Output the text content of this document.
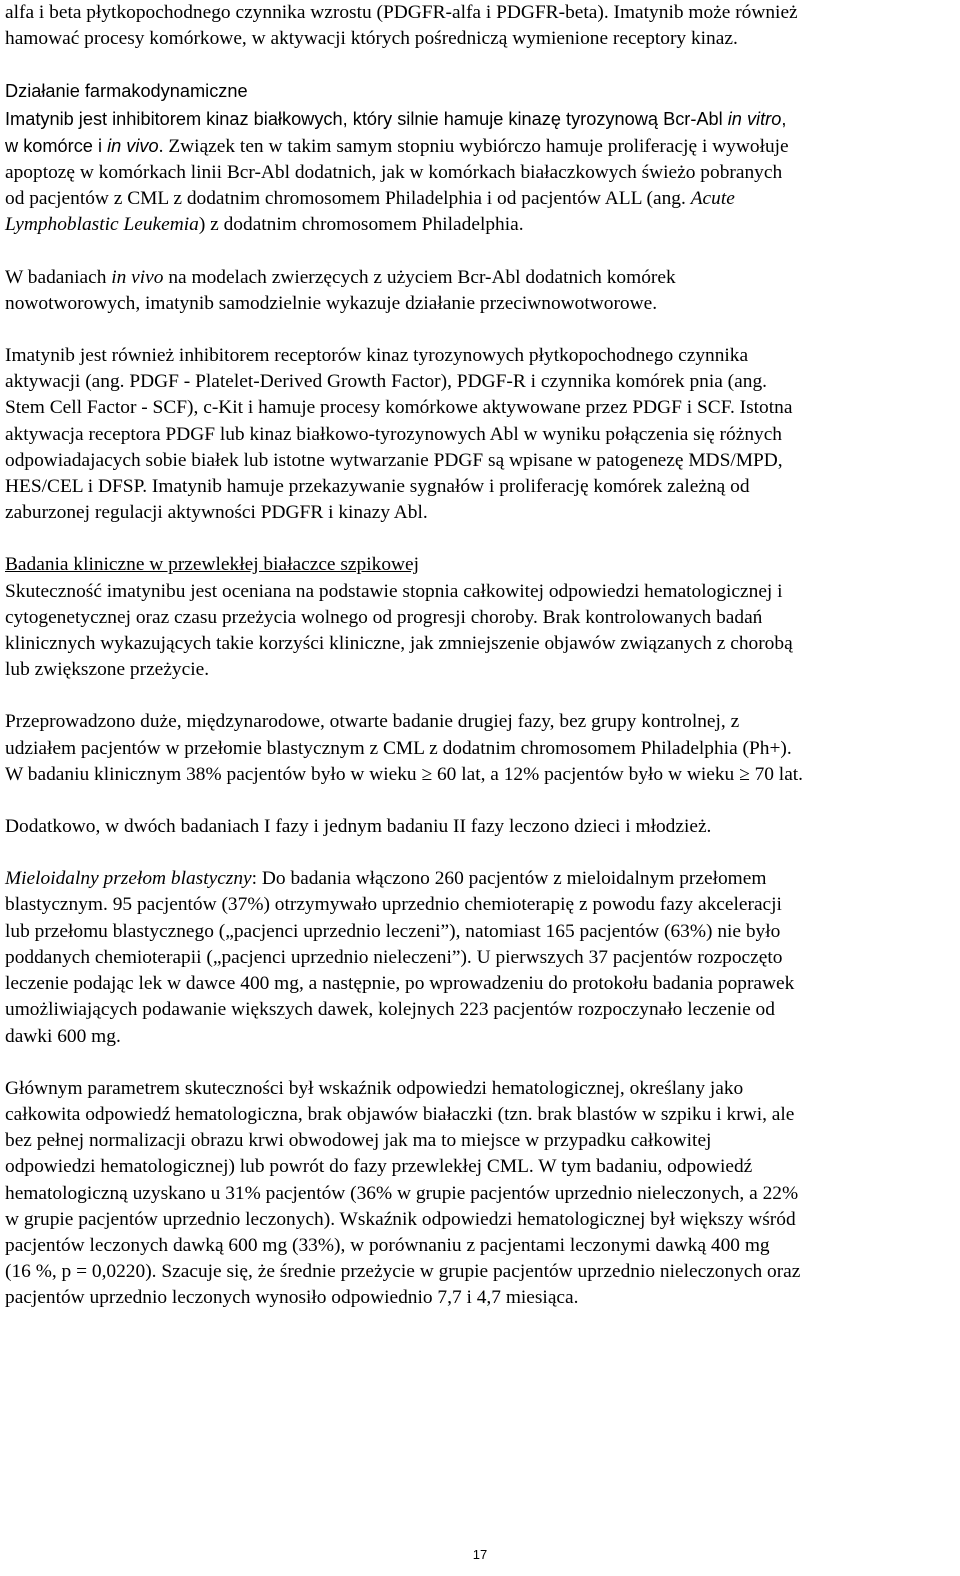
alfa i beta płytkopochodnego czynnika wzrostu (PDGFR-alfa i PDGFR-beta). Imatynib może również
hamować procesy komórkowe, w aktywacji których pośredniczą wymienione receptory kinaz.

Działanie farmakodynamiczne
Imatynib jest inhibitorem kinaz białkowych, który silnie hamuje kinazę tyrozynową Bcr-Abl in vitro,
w komórce i in vivo. Związek ten w takim samym stopniu wybiórczo hamuje proliferację i wywołuje
apoptozę w komórkach linii Bcr-Abl dodatnich, jak w komórkach białaczkowych świeżo pobranych
od pacjentów z CML z dodatnim chromosomem Philadelphia i od pacjentów ALL (ang. Acute
Lymphoblastic Leukemia) z dodatnim chromosomem Philadelphia.

W badaniach in vivo na modelach zwierzęcych z użyciem Bcr-Abl dodatnich komórek
nowotworowych, imatynib samodzielnie wykazuje działanie przeciwnowotworowe.

Imatynib jest również inhibitorem receptorów kinaz tyrozynowych płytkopochodnego czynnika
aktywacji (ang. PDGF - Platelet-Derived Growth Factor), PDGF-R i czynnika komórek pnia (ang.
Stem Cell Factor - SCF), c-Kit i hamuje procesy komórkowe aktywowane przez PDGF i SCF. Istotna
aktywacja receptora PDGF lub kinaz białkowo-tyrozynowych Abl w wyniku połączenia się różnych
odpowiadajacych sobie białek lub istotne wytwarzanie PDGF są wpisane w patogenezę MDS/MPD,
HES/CEL i DFSP. Imatynib hamuje przekazywanie sygnałów i proliferację komórek zależną od
zaburzonej regulacji aktywności PDGFR i kinazy Abl.

Badania kliniczne w przewlekłej białaczce szpikowej
Skuteczność imatynibu jest oceniana na podstawie stopnia całkowitej odpowiedzi hematologicznej i
cytogenetycznej oraz czasu przeżycia wolnego od progresji choroby. Brak kontrolowanych badań
klinicznych wykazujących takie korzyści kliniczne, jak zmniejszenie objawów związanych z chorobą
lub zwiększone przeżycie.

Przeprowadzono duże, międzynarodowe, otwarte badanie drugiej fazy, bez grupy kontrolnej, z
udziałem pacjentów w przełomie blastycznym z CML z dodatnim chromosomem Philadelphia (Ph+).
W badaniu klinicznym 38% pacjentów było w wieku ≥ 60 lat, a 12% pacjentów było w wieku ≥ 70 lat.

Dodatkowo, w dwóch badaniach I fazy i jednym badaniu II fazy leczono dzieci i młodzież.

Mieloidalny przełom blastyczny: Do badania włączono 260 pacjentów z mieloidalnym przełomem
blastycznym. 95 pacjentów (37%) otrzymywało uprzednio chemioterapię z powodu fazy akceleracji
lub przełomu blastycznego („pacjenci uprzednio leczeni”), natomiast 165 pacjentów (63%) nie było
poddanych chemioterapii („pacjenci uprzednio nieleczeni”). U pierwszych 37 pacjentów rozpoczęto
leczenie podając lek w dawce 400 mg, a następnie, po wprowadzeniu do protokołu badania poprawek
umożliwiających podawanie większych dawek, kolejnych 223 pacjentów rozpoczynało leczenie od
dawki 600 mg.

Głównym parametrem skuteczności był wskaźnik odpowiedzi hematologicznej, określany jako
całkowita odpowiedź hematologiczna, brak objawów białaczki (tzn. brak blastów w szpiku i krwi, ale
bez pełnej normalizacji obrazu krwi obwodowej jak ma to miejsce w przypadku całkowitej
odpowiedzi hematologicznej) lub powrót do fazy przewlekłej CML. W tym badaniu, odpowiedź
hematologiczną uzyskano u 31% pacjentów (36% w grupie pacjentów uprzednio nieleczonych, a 22%
w grupie pacjentów uprzednio leczonych). Wskaźnik odpowiedzi hematologicznej był większy wśród
pacjentów leczonych dawką 600 mg (33%), w porównaniu z pacjentami leczonymi dawką 400 mg
(16 %, p = 0,0220). Szacuje się, że średnie przeżycie w grupie pacjentów uprzednio nieleczonych oraz
pacjentów uprzednio leczonych wynosiło odpowiednio 7,7 i 4,7 miesiąca.

17
